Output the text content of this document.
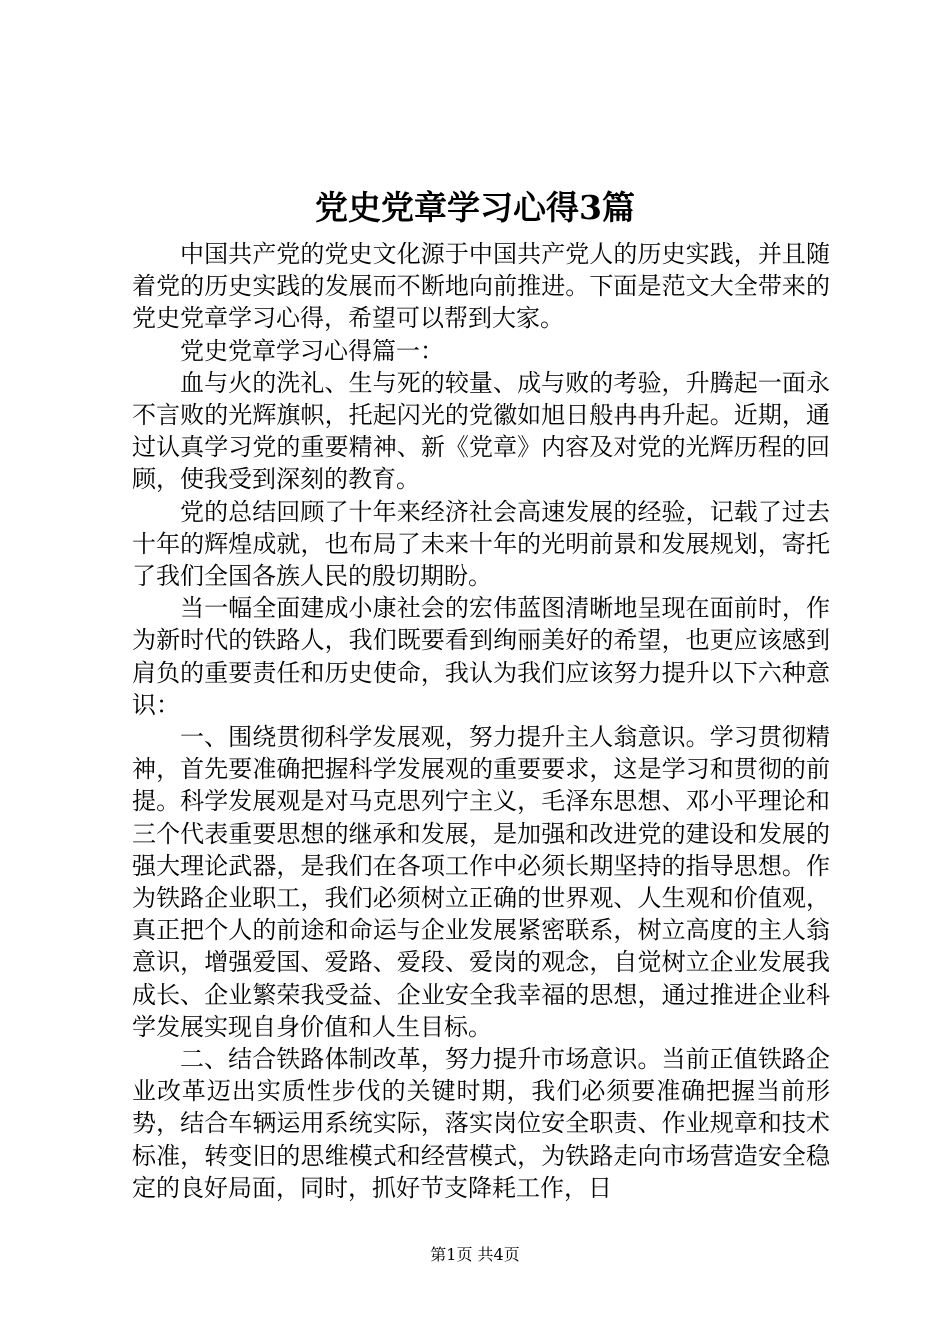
党史党章学习心得3篇

中国共产党的党史文化源于中国共产党人的历史实践，并且随着党的历史实践的发展而不断地向前推进。下面是范文大全带来的党史党章学习心得，希望可以帮到大家。

党史党章学习心得篇一：

血与火的洗礼、生与死的较量、成与败的考验，升腾起一面永不言败的光辉旗帜，托起闪光的党徽如旭日般冉冉升起。近期，通过认真学习党的重要精神、新《党章》内容及对党的光辉历程的回顾，使我受到深刻的教育。

党的总结回顾了十年来经济社会高速发展的经验，记载了过去十年的辉煌成就，也布局了未来十年的光明前景和发展规划，寄托了我们全国各族人民的殷切期盼。

当一幅全面建成小康社会的宏伟蓝图清晰地呈现在面前时，作为新时代的铁路人，我们既要看到绚丽美好的希望，也更应该感到肩负的重要责任和历史使命，我认为我们应该努力提升以下六种意识：

一、围绕贯彻科学发展观，努力提升主人翁意识。学习贯彻精神，首先要准确把握科学发展观的重要要求，这是学习和贯彻的前提。科学发展观是对马克思列宁主义，毛泽东思想、邓小平理论和三个代表重要思想的继承和发展，是加强和改进党的建设和发展的强大理论武器，是我们在各项工作中必须长期坚持的指导思想。作为铁路企业职工，我们必须树立正确的世界观、人生观和价值观，真正把个人的前途和命运与企业发展紧密联系，树立高度的主人翁意识，增强爱国、爱路、爱段、爱岗的观念，自觉树立企业发展我成长、企业繁荣我受益、企业安全我幸福的思想，通过推进企业科学发展实现自身价值和人生目标。

二、结合铁路体制改革，努力提升市场意识。当前正值铁路企业改革迈出实质性步伐的关键时期，我们必须要准确把握当前形势，结合车辆运用系统实际，落实岗位安全职责、作业规章和技术标准，转变旧的思维模式和经营模式，为铁路走向市场营造安全稳定的良好局面，同时，抓好节支降耗工作，日

第1页 共4页
